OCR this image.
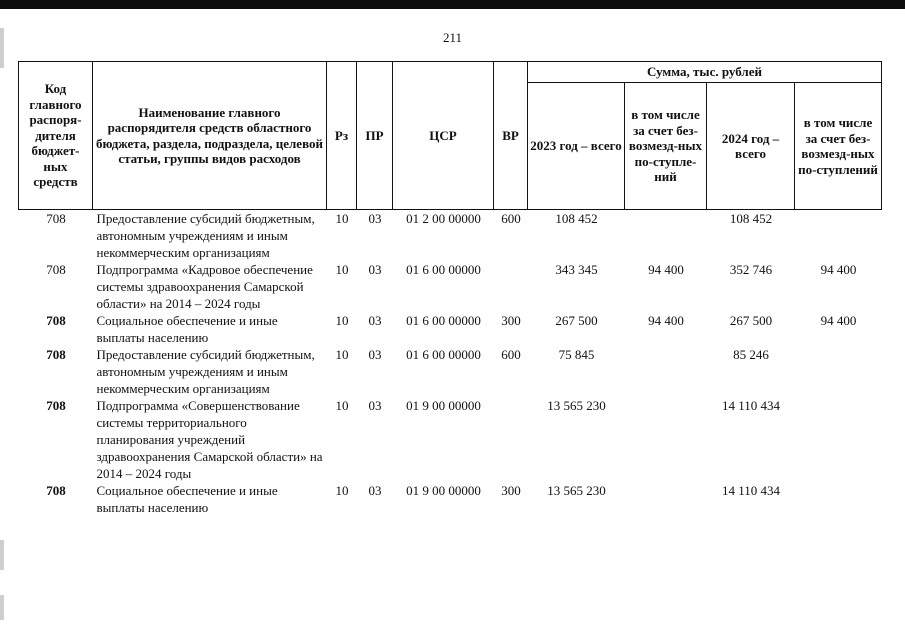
211
Код главного распоря-дителя бюджет-ных средств	Наименование главного распорядителя средств областного бюджета, раздела, подраздела, целевой статьи, группы видов расходов	Рз	ПР	ЦСР	ВР	Сумма, тыс. рублей			
						2023 год – всего	в том числе за счет без-возмезд-ных по-ступле-ний	2024 год – всего	в том числе за счет без-возмезд-ных по-ступлений
708	Предоставление субсидий бюджетным, автономным учреждениям и иным некоммерческим организациям	10	03	01 2 00 00000	600	108 452		108 452	
708	Подпрограмма «Кадровое обеспечение системы здравоохранения Самарской области» на 2014 – 2024 годы	10	03	01 6 00 00000		343 345	94 400	352 746	94 400
708	Социальное обеспечение и иные выплаты населению	10	03	01 6 00 00000	300	267 500	94 400	267 500	94 400
708	Предоставление субсидий бюджетным, автономным учреждениям и иным некоммерческим организациям	10	03	01 6 00 00000	600	75 845		85 246	
708	Подпрограмма «Совершенствование системы территориального планирования учреждений здравоохранения Самарской области» на 2014 – 2024 годы	10	03	01 9 00 00000		13 565 230		14 110 434	
708	Социальное обеспечение и иные выплаты населению	10	03	01 9 00 00000	300	13 565 230		14 110 434	
